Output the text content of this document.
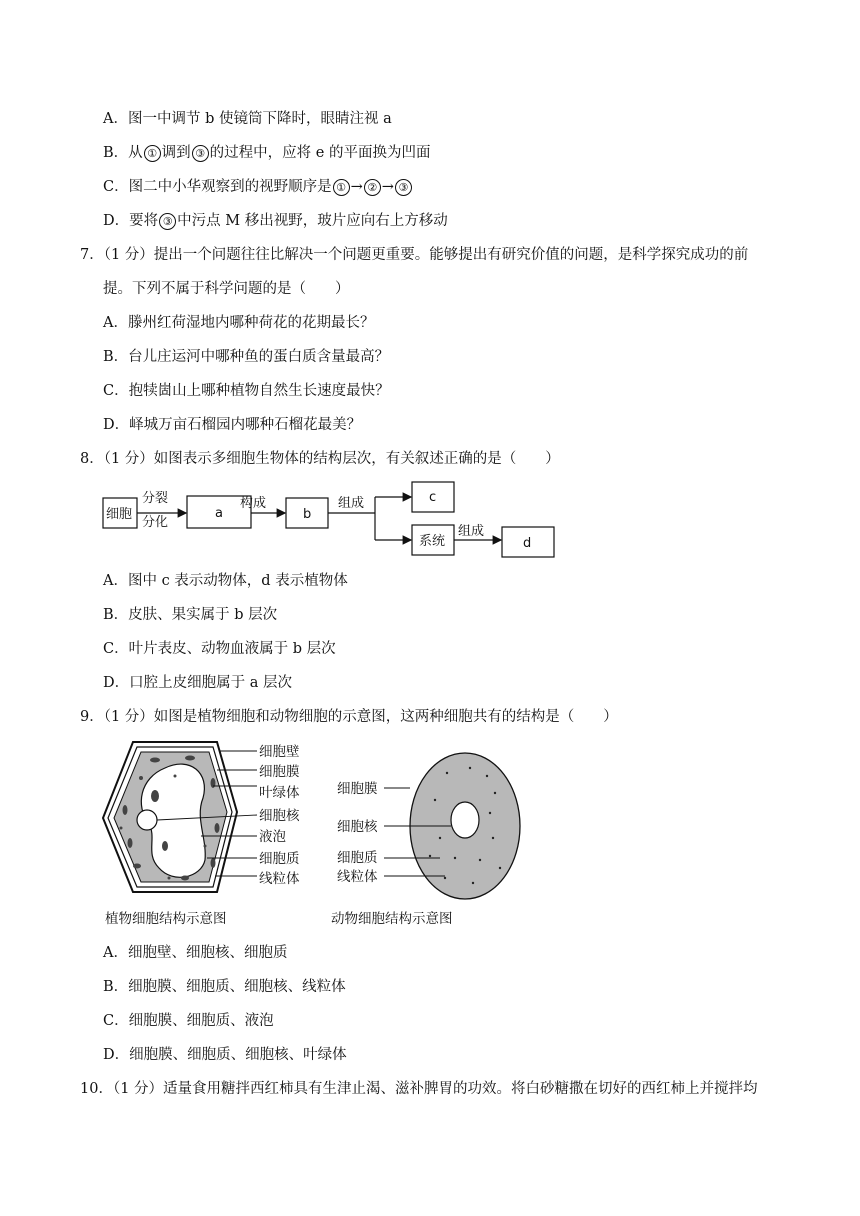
A．图一中调节 b 使镜筒下降时，眼睛注视 a
B．从 ① 调到 ③ 的过程中，应将 e 的平面换为凹面
C．图二中小华观察到的视野顺序是 ① → ② → ③
D．要将 ③ 中污点 M 移出视野，玻片应向右上方移动
7．（1 分）提出一个问题往往比解决一个问题更重要。能够提出有研究价值的问题，是科学探究成功的前
提。下列不属于科学问题的是（　　）
A．滕州红荷湿地内哪种荷花的花期最长？
B．台儿庄运河中哪种鱼的蛋白质含量最高？
C．抱犊崮山上哪种植物自然生长速度最快？
D．峄城万亩石榴园内哪种石榴花最美？
8．（1 分）如图表示多细胞生物体的结构层次，有关叙述正确的是（　　）
细胞
分裂
分化
a
构成
b
组成	c
系统
组成
d
A．图中 c 表示动物体，d 表示植物体
B．皮肤、果实属于 b 层次
C．叶片表皮、动物血液属于 b 层次
D．口腔上皮细胞属于 a 层次
9．（1 分）如图是植物细胞和动物细胞的示意图，这两种细胞共有的结构是（　　）
细胞壁
细胞膜
叶绿体
细胞核
液泡
细胞质
线粒体
植物细胞结构示意图
细胞膜
细胞核
细胞质
线粒体
动物细胞结构示意图
A．细胞壁、细胞核、细胞质
B．细胞膜、细胞质、细胞核、线粒体
C．细胞膜、细胞质、液泡
D．细胞膜、细胞质、细胞核、叶绿体
10．（1 分）适量食用糖拌西红柿具有生津止渴、滋补脾胃的功效。将白砂糖撒在切好的西红柿上并搅拌均
